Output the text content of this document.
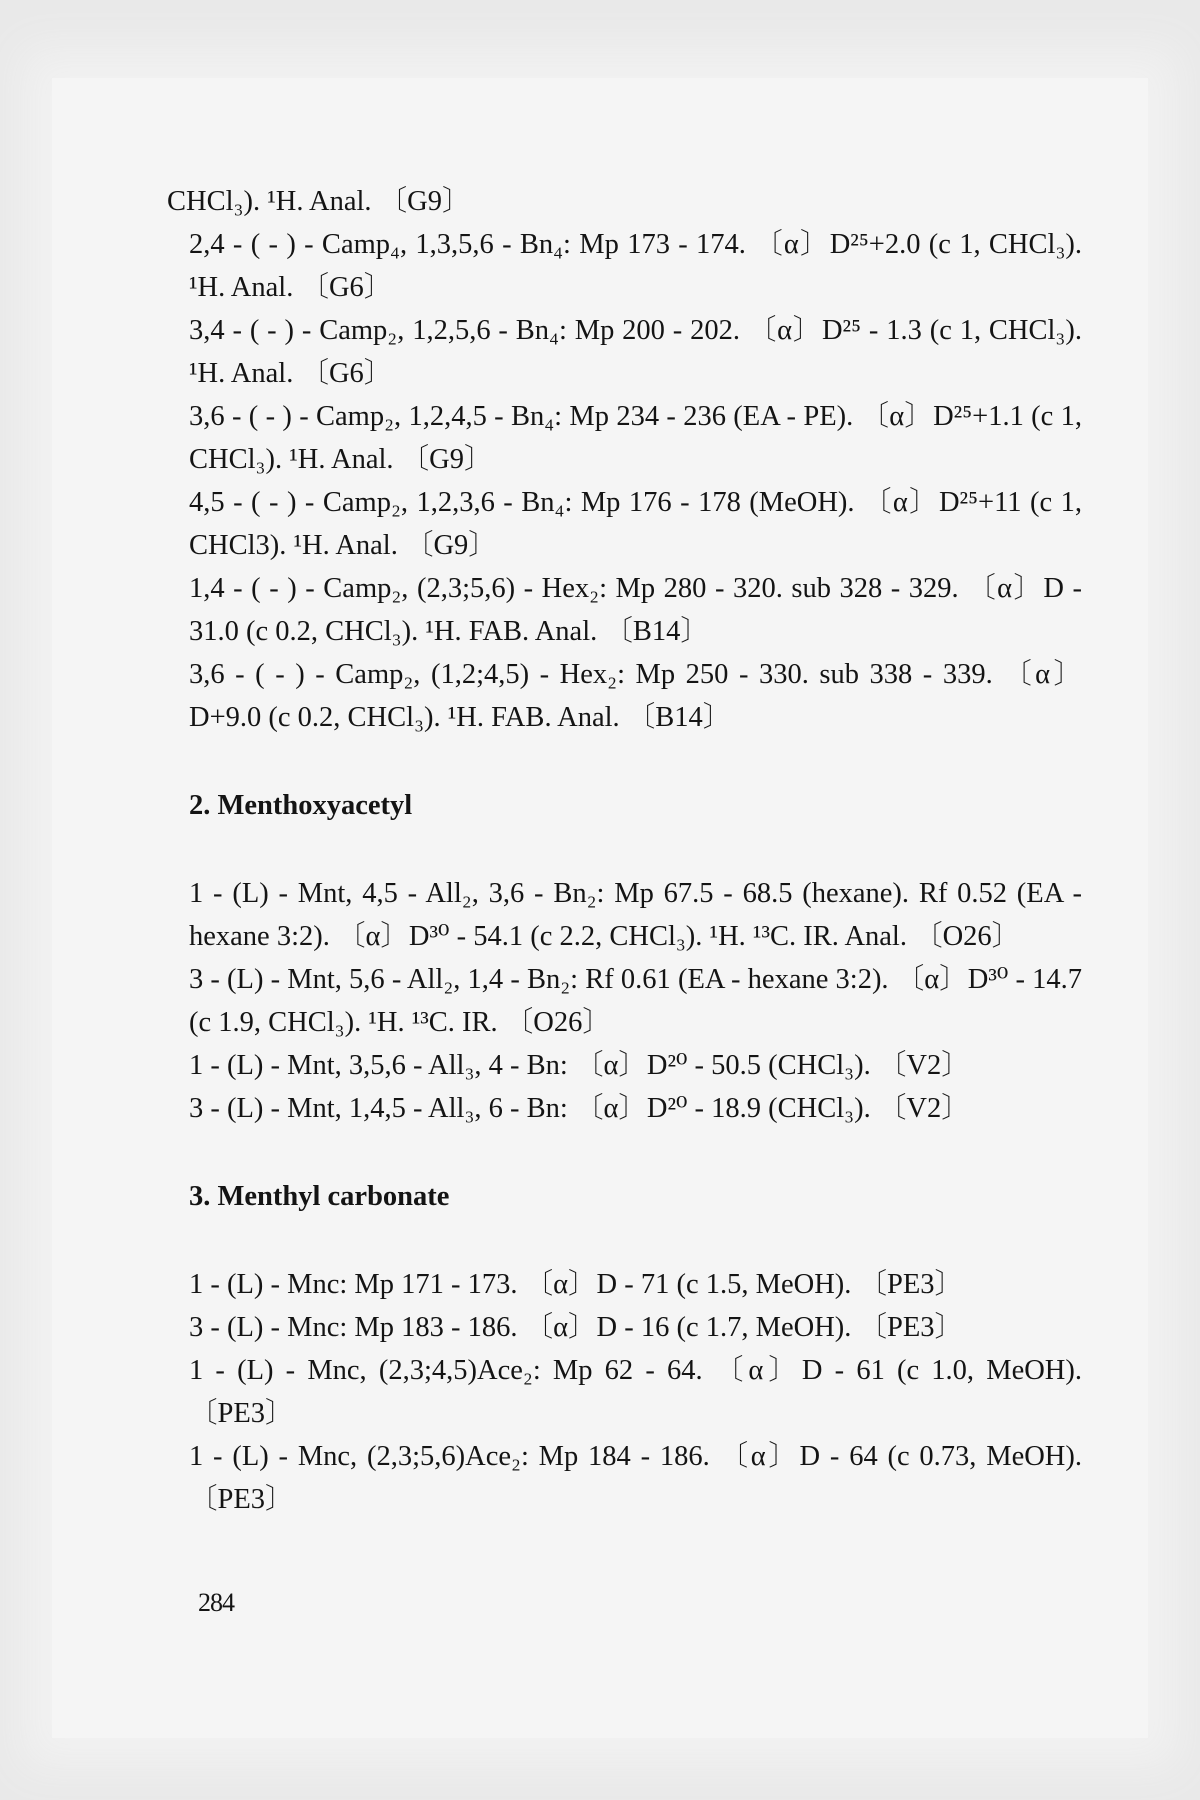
CHCl₃). ¹H. Anal. 〔G9〕

2,4 - ( - ) - Camp₄, 1,3,5,6 - Bn₄: Mp 173 - 174. 〔α〕D²⁵+2.0 (c 1, CHCl₃). ¹H. Anal. 〔G6〕

3,4 - ( - ) - Camp₂, 1,2,5,6 - Bn₄: Mp 200 - 202. 〔α〕D²⁵ - 1.3 (c 1, CHCl₃). ¹H. Anal. 〔G6〕

3,6 - ( - ) - Camp₂, 1,2,4,5 - Bn₄: Mp 234 - 236 (EA - PE). 〔α〕D²⁵+1.1 (c 1, CHCl₃). ¹H. Anal. 〔G9〕

4,5 - ( - ) - Camp₂, 1,2,3,6 - Bn₄: Mp 176 - 178 (MeOH). 〔α〕D²⁵+11 (c 1, CHCl3). ¹H. Anal. 〔G9〕

1,4 - ( - ) - Camp₂, (2,3;5,6) - Hex₂: Mp 280 - 320. sub 328 - 329. 〔α〕D - 31.0 (c 0.2, CHCl₃). ¹H. FAB. Anal. 〔B14〕

3,6 - ( - ) - Camp₂, (1,2;4,5) - Hex₂: Mp 250 - 330. sub 338 - 339. 〔α〕D+9.0 (c 0.2, CHCl₃). ¹H. FAB. Anal. 〔B14〕

2. Menthoxyacetyl

1 - (L) - Mnt, 4,5 - All₂, 3,6 - Bn₂: Mp 67.5 - 68.5 (hexane). Rf 0.52 (EA - hexane 3:2). 〔α〕D³⁰ - 54.1 (c 2.2, CHCl₃). ¹H. ¹³C. IR. Anal. 〔O26〕

3 - (L) - Mnt, 5,6 - All₂, 1,4 - Bn₂: Rf 0.61 (EA - hexane 3:2). 〔α〕D³⁰ - 14.7 (c 1.9, CHCl₃). ¹H. ¹³C. IR. 〔O26〕

1 - (L) - Mnt, 3,5,6 - All₃, 4 - Bn: 〔α〕D²⁰ - 50.5 (CHCl₃). 〔V2〕

3 - (L) - Mnt, 1,4,5 - All₃, 6 - Bn: 〔α〕D²⁰ - 18.9 (CHCl₃). 〔V2〕

3. Menthyl carbonate

1 - (L) - Mnc: Mp 171 - 173. 〔α〕D - 71 (c 1.5, MeOH). 〔PE3〕

3 - (L) - Mnc: Mp 183 - 186. 〔α〕D - 16 (c 1.7, MeOH). 〔PE3〕

1 - (L) - Mnc, (2,3;4,5)Ace₂: Mp 62 - 64. 〔α〕D - 61 (c 1.0, MeOH). 〔PE3〕

1 - (L) - Mnc, (2,3;5,6)Ace₂: Mp 184 - 186. 〔α〕D - 64 (c 0.73, MeOH). 〔PE3〕

284
